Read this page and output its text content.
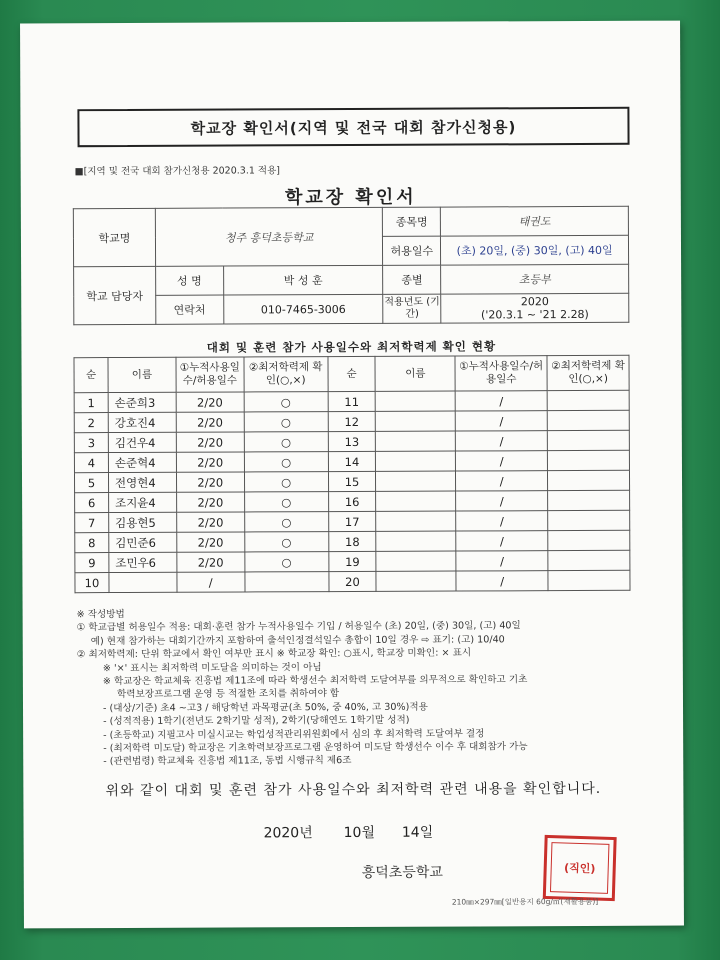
학교장 확인서(지역 및 전국 대회 참가신청용)
■[지역 및 전국 대회 참가신청용 2020.3.1 적용]
학교장 확인서
학교명	청주 흥덕초등학교		종목명	태권도
			허용일수	(초) 20일, (중) 30일, (고) 40일
학교 담당자	성 명	박 성 훈	종별	초등부
	연락처	010-7465-3006	적용년도 (기간)	2020
('20.3.1 ~ '21 2.28)
대회 및 훈련 참가 사용일수와 최저학력제 확인 현황
순	이름	①누적사용일수/허용일수	②최저학력제 확인(○,×)	순	이름	①누적사용일수/허용일수	②최저학력제 확인(○,×)
1	손준희3	2/20	○	11		/	
2	강호진4	2/20	○	12		/	
3	김건우4	2/20	○	13		/	
4	손준혁4	2/20	○	14		/	
5	전영현4	2/20	○	15		/	
6	조지윤4	2/20	○	16		/	
7	김용현5	2/20	○	17		/	
8	김민준6	2/20	○	18		/	
9	조민우6	2/20	○	19		/	
10		/		20		/	
※ 작성방법
① 학교급별 허용일수 적용: 대회·훈련 참가 누적사용일수 기입 / 허용일수 (초) 20일, (중) 30일, (고) 40일
예) 현재 참가하는 대회기간까지 포함하여 출석인정결석일수 총합이 10일 경우 ⇨ 표기: (고) 10/40
② 최저학력제: 단위 학교에서 확인 여부만 표시 ※ 학교장 확인: ○표시, 학교장 미확인: × 표시
※ '×' 표시는 최저학력 미도달을 의미하는 것이 아님
※ 학교장은 학교체육 진흥법 제11조에 따라 학생선수 최저학력 도달여부를 의무적으로 확인하고 기초
학력보장프로그램 운영 등 적절한 조치를 취하여야 함
- (대상/기준) 초4 ~고3 / 해당학년 과목평균(초 50%, 중 40%, 고 30%)적용
- (성적적용) 1학기(전년도 2학기말 성적), 2학기(당해연도 1학기말 성적)
- (초등학교) 지필고사 미실시교는 학업성적관리위원회에서 심의 후 최저학력 도달여부 결정
- (최저학력 미도달) 학교장은 기초학력보장프로그램 운영하여 미도달 학생선수 이수 후 대회참가 가능
- (관련법령) 학교체육 진흥법 제11조, 동법 시행규칙 제6조
위와 같이 대회 및 훈련 참가 사용일수와 최저학력 관련 내용을 확인합니다.
2020년 10월 14일
흥덕초등학교	(직인)
210㎜×297㎜[일반용지 60g/㎡(재활용품)]
